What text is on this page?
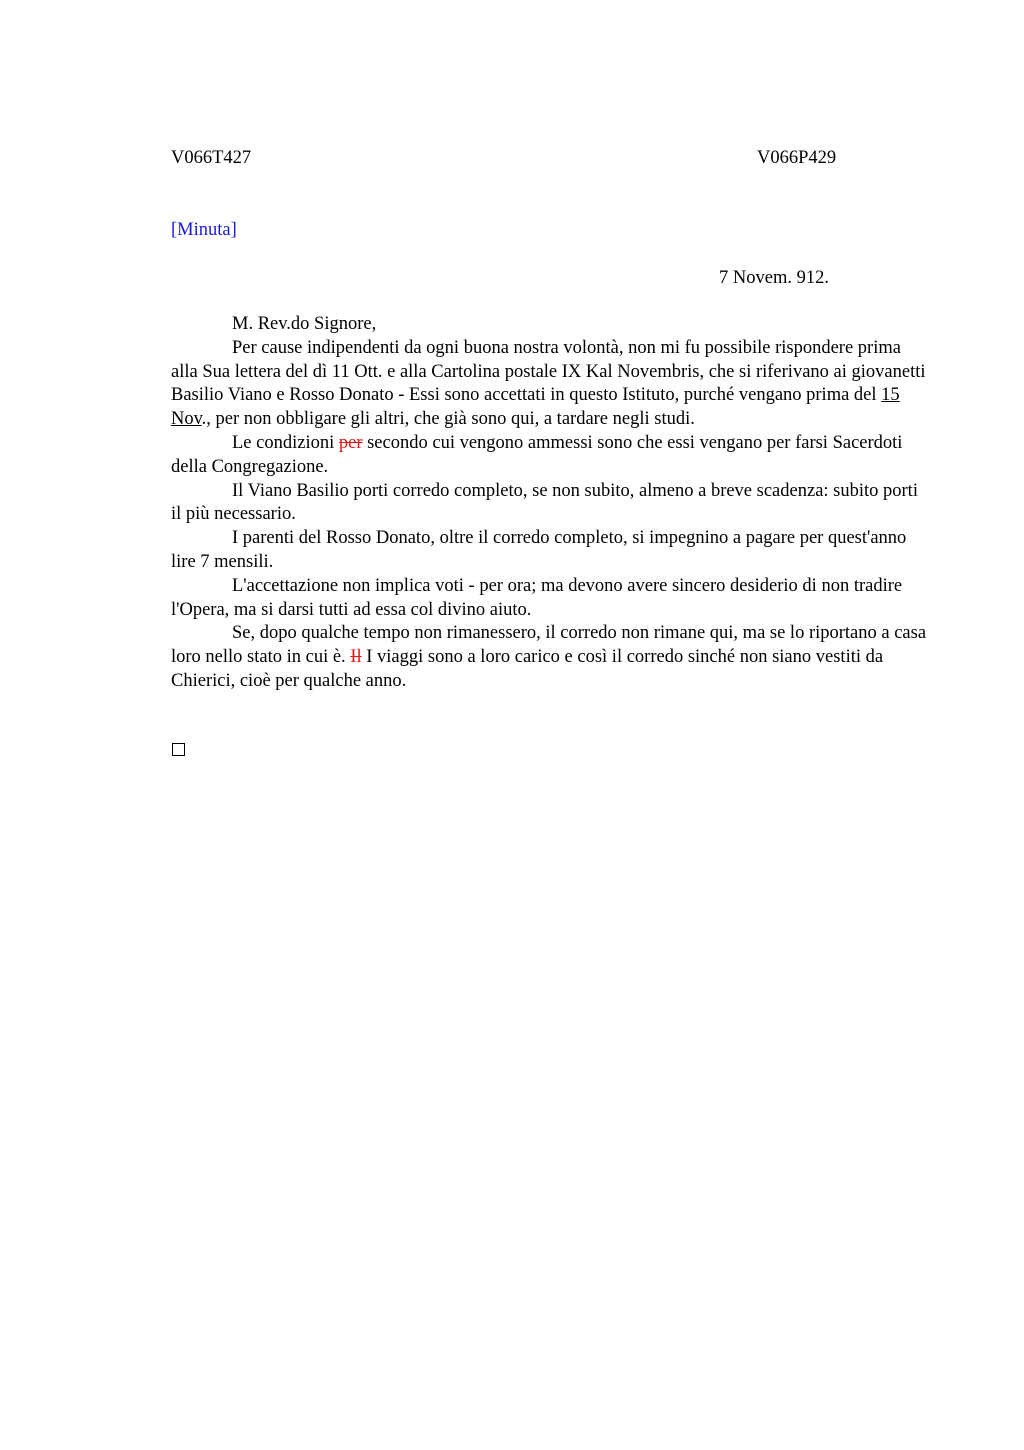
V066T427	V066P429
[Minuta]
7 Novem. 912.

M. Rev.do Signore,

Per cause indipendenti da ogni buona nostra volontà, non mi fu possibile rispondere prima alla Sua lettera del dì 11 Ott. e alla Cartolina postale IX Kal Novembris, che si riferivano ai giovanetti Basilio Viano e Rosso Donato - Essi sono accettati in questo Istituto, purché vengano prima del 15 Nov., per non obbligare gli altri, che già sono qui, a tardare negli studi.

Le condizioni per secondo cui vengono ammessi sono che essi vengano per farsi Sacerdoti della Congregazione.

Il Viano Basilio porti corredo completo, se non subito, almeno a breve scadenza: subito porti il più necessario.

I parenti del Rosso Donato, oltre il corredo completo, si impegnino a pagare per quest'anno lire 7 mensili.

L'accettazione non implica voti - per ora; ma devono avere sincero desiderio di non tradire l'Opera, ma si darsi tutti ad essa col divino aiuto.

Se, dopo qualche tempo non rimanessero, il corredo non rimane qui, ma se lo riportano a casa loro nello stato in cui è. Il I viaggi sono a loro carico e così il corredo sinché non siano vestiti da Chierici, cioè per qualche anno.
